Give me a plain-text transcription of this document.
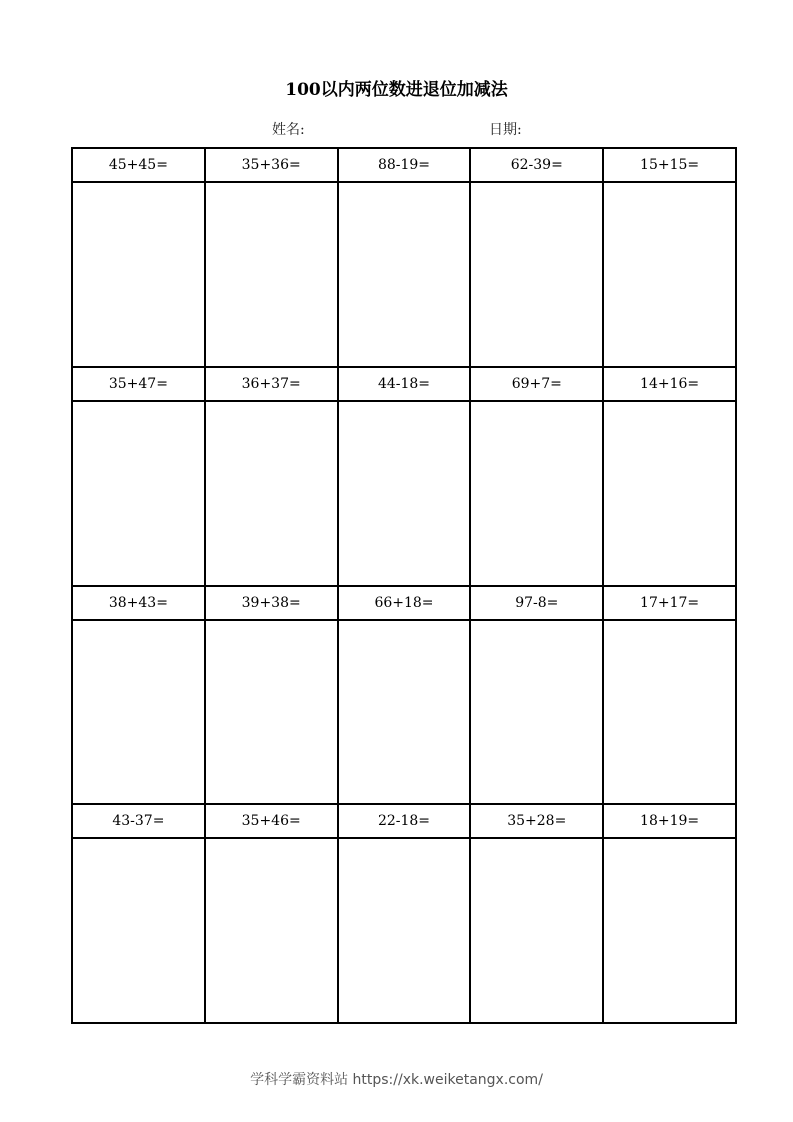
100以内两位数进退位加减法
姓名:	日期:
45+45=	35+36=	88-19=	62-39=	15+15=
35+47=	36+37=	44-18=	69+7=	14+16=
38+43=	39+38=	66+18=	97-8=	17+17=
43-37=	35+46=	22-18=	35+28=	18+19=
学科学霸资料站 https://xk.weiketangx.com/
